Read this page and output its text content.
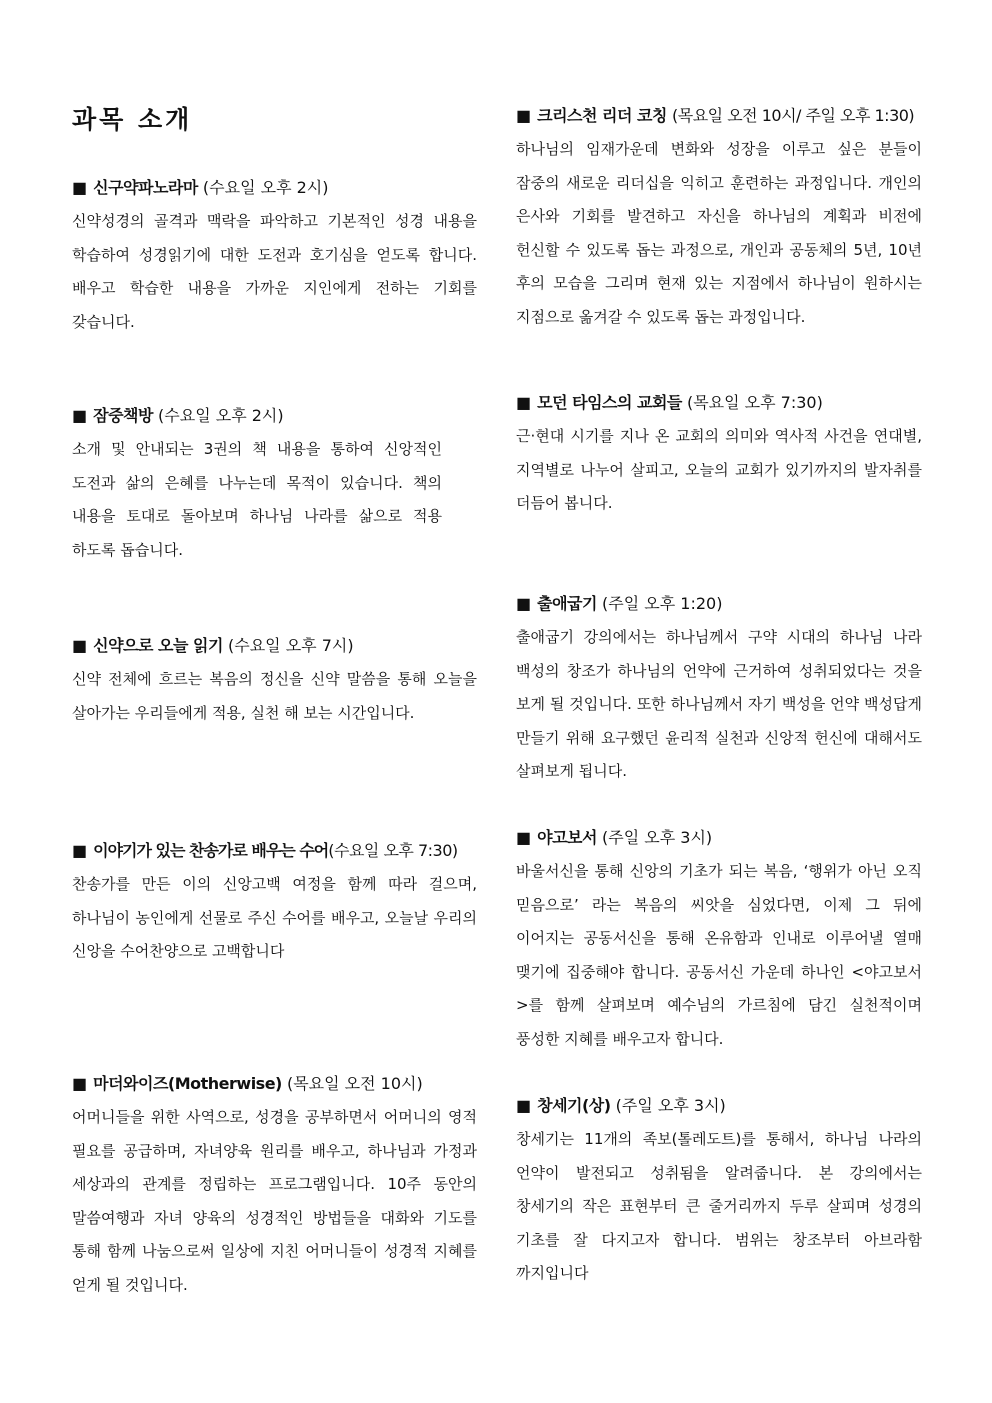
과목 소개

■ 신구약파노라마 (수요일 오후 2시)

신약성경의 골격과 맥락을 파악하고 기본적인 성경 내용을 학습하여 성경읽기에 대한 도전과 호기심을 얻도록 합니다. 배우고 학습한 내용을 가까운 지인에게 전하는 기회를 갖습니다.

■ 잠중책방 (수요일 오후 2시)

소개 및 안내되는 3권의 책 내용을 통하여 신앙적인 도전과 삶의 은혜를 나누는데 목적이 있습니다. 책의 내용을 토대로 돌아보며 하나님 나라를 삶으로 적용 하도록 돕습니다.

■ 신약으로 오늘 읽기 (수요일 오후 7시)

신약 전체에 흐르는 복음의 정신을 신약 말씀을 통해 오늘을 살아가는 우리들에게 적용, 실천 해 보는 시간입니다.

■ 이야기가 있는 찬송가로 배우는 수어(수요일 오후 7:30)

찬송가를 만든 이의 신앙고백 여정을 함께 따라 걸으며, 하나님이 농인에게 선물로 주신 수어를 배우고, 오늘날 우리의 신앙을 수어찬양으로 고백합니다

■ 마더와이즈(Motherwise) (목요일 오전 10시)

어머니들을 위한 사역으로, 성경을 공부하면서 어머니의 영적 필요를 공급하며, 자녀양육 원리를 배우고, 하나님과 가정과 세상과의 관계를 정립하는 프로그램입니다. 10주 동안의 말씀여행과 자녀 양육의 성경적인 방법들을 대화와 기도를 통해 함께 나눔으로써 일상에 지친 어머니들이 성경적 지혜를 얻게 될 것입니다.

■ 크리스천 리더 코칭 (목요일 오전 10시/ 주일 오후 1:30)

하나님의 임재가운데 변화와 성장을 이루고 싶은 분들이 잠중의 새로운 리더십을 익히고 훈련하는 과정입니다. 개인의 은사와 기회를 발견하고 자신을 하나님의 계획과 비전에 헌신할 수 있도록 돕는 과정으로, 개인과 공동체의 5년, 10년 후의 모습을 그리며 현재 있는 지점에서 하나님이 원하시는 지점으로 옮겨갈 수 있도록 돕는 과정입니다.

■ 모던 타임스의 교회들 (목요일 오후 7:30)

근·현대 시기를 지나 온 교회의 의미와 역사적 사건을 연대별, 지역별로 나누어 살피고, 오늘의 교회가 있기까지의 발자취를 더듬어 봅니다.

■ 출애굽기 (주일 오후 1:20)

출애굽기 강의에서는 하나님께서 구약 시대의 하나님 나라 백성의 창조가 하나님의 언약에 근거하여 성취되었다는 것을 보게 될 것입니다. 또한 하나님께서 자기 백성을 언약 백성답게 만들기 위해 요구했던 윤리적 실천과 신앙적 헌신에 대해서도 살펴보게 됩니다.

■ 야고보서 (주일 오후 3시)

바울서신을 통해 신앙의 기초가 되는 복음, ‘행위가 아닌 오직 믿음으로’ 라는 복음의 씨앗을 심었다면, 이제 그 뒤에 이어지는 공동서신을 통해 온유함과 인내로 이루어낼 열매 맺기에 집중해야 합니다. 공동서신 가운데 하나인 <야고보서>를 함께 살펴보며 예수님의 가르침에 담긴 실천적이며 풍성한 지혜를 배우고자 합니다.

■ 창세기(상) (주일 오후 3시)

창세기는 11개의 족보(톨레도트)를 통해서, 하나님 나라의 언약이 발전되고 성취됨을 알려줍니다. 본 강의에서는 창세기의 작은 표현부터 큰 줄거리까지 두루 살피며 성경의 기초를 잘 다지고자 합니다. 범위는 창조부터 아브라함 까지입니다
